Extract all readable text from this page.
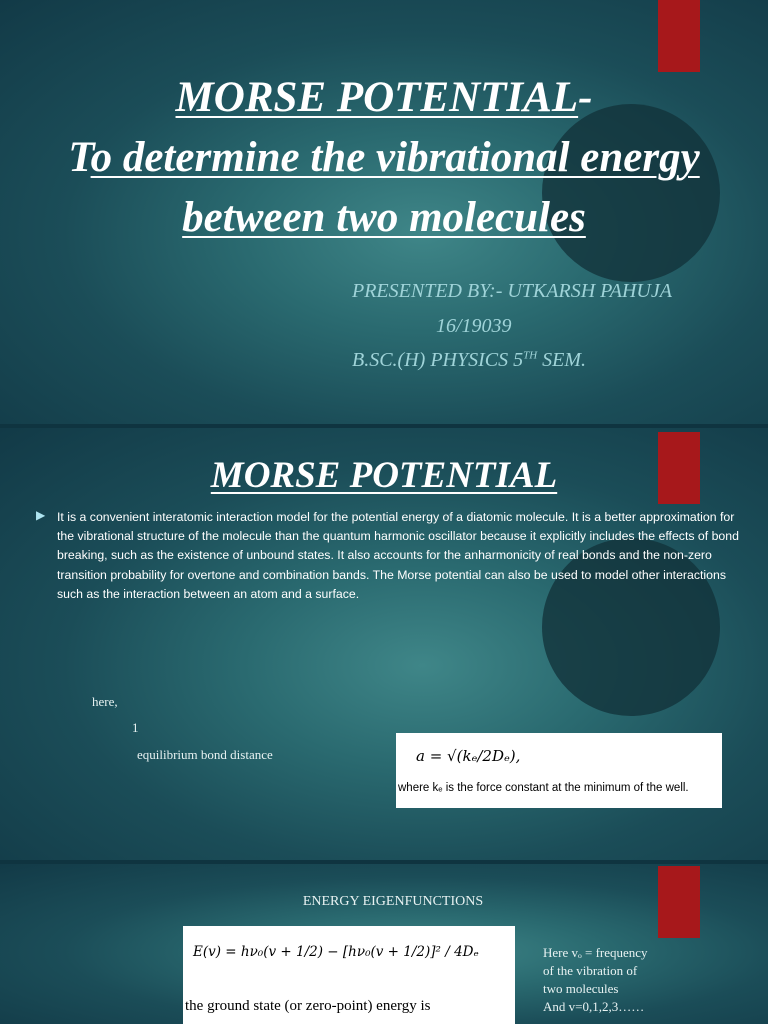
MORSE POTENTIAL-
To determine the vibrational energy
between two molecules
PRESENTED BY:- UTKARSH PAHUJA
16/19039
B.SC.(H) PHYSICS 5TH SEM.
MORSE POTENTIAL
▶ It is a convenient interatomic interaction model for the potential energy of a diatomic molecule. It is a better approximation for the vibrational structure of the molecule than the quantum harmonic oscillator because it explicitly includes the effects of bond breaking, such as the existence of unbound states. It also accounts for the anharmonicity of real bonds and the non-zero transition probability for overtone and combination bands. The Morse potential can also be used to model other interactions such as the interaction between an atom and a surface.
here,
1
equilibrium bond distance	a = √(kₑ/2Dₑ),
where kₑ is the force constant at the minimum of the well.
ENERGY EIGENFUNCTIONS
E(v) = hν₀(v + 1/2) − [hν₀(v + 1/2)]² / 4Dₑ
the ground state (or zero-point) energy is
Here vₒ = frequency
of the vibration of
two molecules
And v=0,1,2,3……
